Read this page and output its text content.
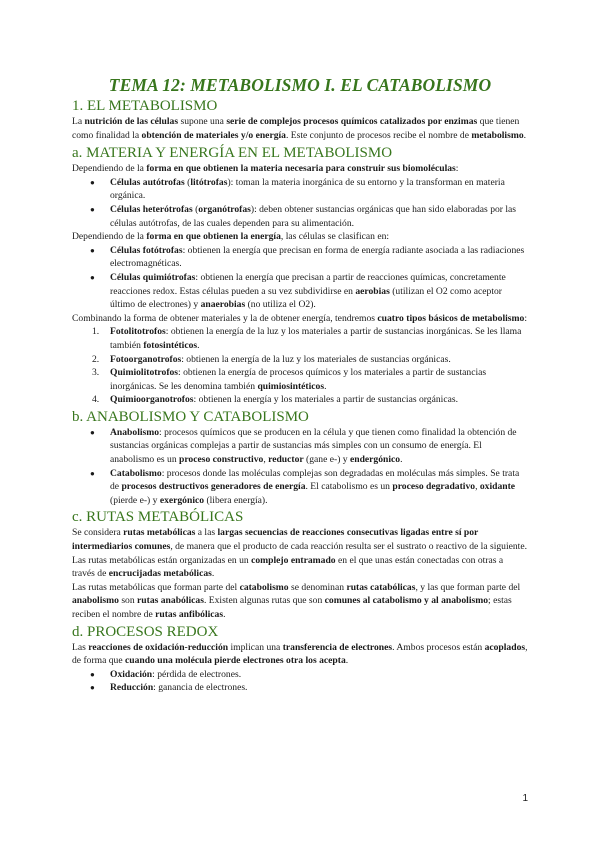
TEMA 12: METABOLISMO I. EL CATABOLISMO
1. EL METABOLISMO

La nutrición de las células supone una serie de complejos procesos químicos catalizados por enzimas que tienen como finalidad la obtención de materiales y/o energía. Este conjunto de procesos recibe el nombre de metabolismo.

a. MATERIA Y ENERGÍA EN EL METABOLISMO

Dependiendo de la forma en que obtienen la materia necesaria para construir sus biomoléculas:

● Células autótrofas (litótrofas): toman la materia inorgánica de su entorno y la transforman en materia orgánica.
● Células heterótrofas (organótrofas): deben obtener sustancias orgánicas que han sido elaboradas por las células autótrofas, de las cuales dependen para su alimentación.

Dependiendo de la forma en que obtienen la energía, las células se clasifican en:

● Células fotótrofas: obtienen la energía que precisan en forma de energía radiante asociada a las radiaciones electromagnéticas.
● Células quimiótrofas: obtienen la energía que precisan a partir de reacciones químicas, concretamente reacciones redox. Estas células pueden a su vez subdividirse en aerobias (utilizan el O2 como aceptor último de electrones) y anaerobias (no utiliza el O2).

Combinando la forma de obtener materiales y la de obtener energía, tendremos cuatro tipos básicos de metabolismo:

1. Fotolitotrofos: obtienen la energía de la luz y los materiales a partir de sustancias inorgánicas. Se les llama también fotosintéticos.
2. Fotoorganotrofos: obtienen la energía de la luz y los materiales de sustancias orgánicas.
3. Quimiolitotrofos: obtienen la energía de procesos químicos y los materiales a partir de sustancias inorgánicas. Se les denomina también quimiosintéticos.
4. Quimioorganotrofos: obtienen la energía y los materiales a partir de sustancias orgánicas.
b. ANABOLISMO Y CATABOLISMO
● Anabolismo: procesos químicos que se producen en la célula y que tienen como finalidad la obtención de sustancias orgánicas complejas a partir de sustancias más simples con un consumo de energía. El anabolismo es un proceso constructivo, reductor (gane e-) y endergónico.
● Catabolismo: procesos donde las moléculas complejas son degradadas en moléculas más simples. Se trata de procesos destructivos generadores de energía. El catabolismo es un proceso degradativo, oxidante (pierde e-) y exergónico (libera energía).
c. RUTAS METABÓLICAS

Se considera rutas metabólicas a las largas secuencias de reacciones consecutivas ligadas entre sí por intermediarios comunes, de manera que el producto de cada reacción resulta ser el sustrato o reactivo de la siguiente. Las rutas metabólicas están organizadas en un complejo entramado en el que unas están conectadas con otras a través de encrucijadas metabólicas.

Las rutas metabólicas que forman parte del catabolismo se denominan rutas catabólicas, y las que forman parte del anabolismo son rutas anabólicas. Existen algunas rutas que son comunes al catabolismo y al anabolismo; estas reciben el nombre de rutas anfibólicas.

d. PROCESOS REDOX

Las reacciones de oxidación-reducción implican una transferencia de electrones. Ambos procesos están acoplados, de forma que cuando una molécula pierde electrones otra los acepta.

● Oxidación: pérdida de electrones.
● Reducción: ganancia de electrones.
1
